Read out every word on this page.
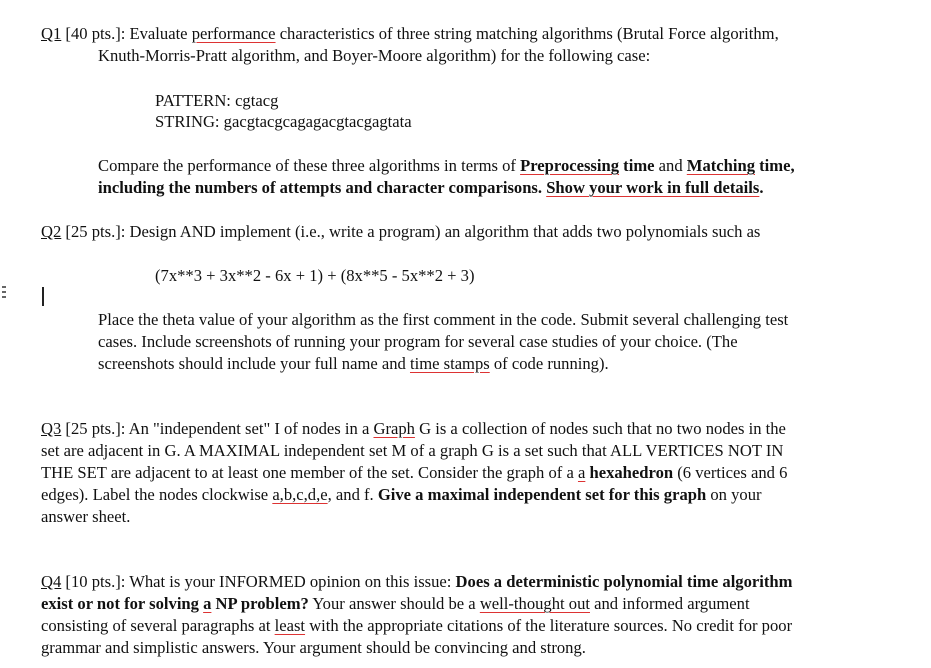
Q1 [40 pts.]: Evaluate performance characteristics of three string matching algorithms (Brutal Force algorithm,
Knuth-Morris-Pratt algorithm, and Boyer-Moore algorithm) for the following case:
PATTERN: cgtacg
STRING: gacgtacgcagagacgtacgagtata
Compare the performance of these three algorithms in terms of Preprocessing time and Matching time,
including the numbers of attempts and character comparisons. Show your work in full details.
Q2 [25 pts.]: Design AND implement (i.e., write a program) an algorithm that adds two polynomials such as
(7x**3 + 3x**2 - 6x + 1) + (8x**5 - 5x**2 + 3)
Place the theta value of your algorithm as the first comment in the code. Submit several challenging test
cases. Include screenshots of running your program for several case studies of your choice. (The
screenshots should include your full name and time stamps of code running).
Q3 [25 pts.]: An "independent set" I of nodes in a Graph G is a collection of nodes such that no two nodes in the
set are adjacent in G. A MAXIMAL independent set M of a graph G is a set such that ALL VERTICES NOT IN
THE SET are adjacent to at least one member of the set. Consider the graph of a a hexahedron (6 vertices and 6
edges). Label the nodes clockwise a,b,c,d,e, and f. Give a maximal independent set for this graph on your
answer sheet.
Q4 [10 pts.]: What is your INFORMED opinion on this issue: Does a deterministic polynomial time algorithm
exist or not for solving a NP problem? Your answer should be a well-thought out and informed argument
consisting of several paragraphs at least with the appropriate citations of the literature sources. No credit for poor
grammar and simplistic answers. Your argument should be convincing and strong.
